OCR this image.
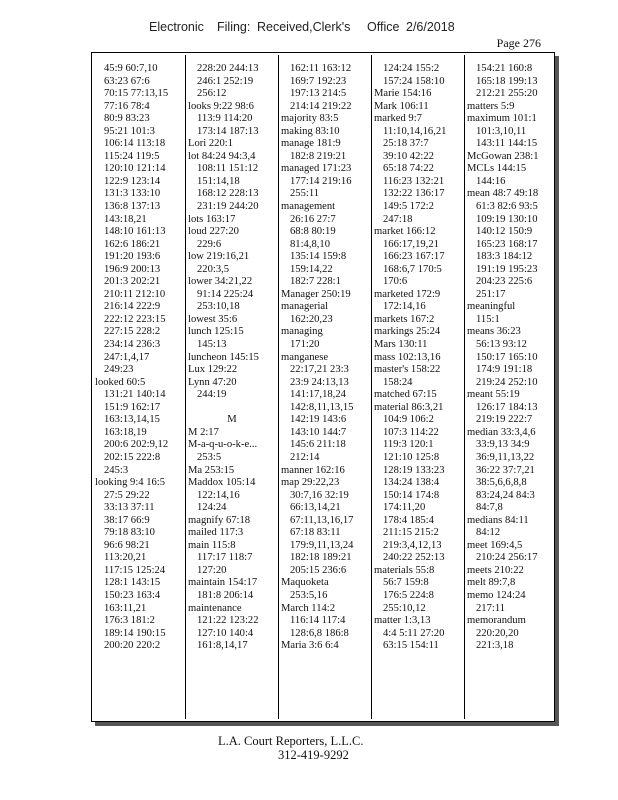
Electronic Filing: Received,Clerk's Office 2/6/2018
Page 276
45:9 60:7,10
63:23 67:6
70:15 77:13,15
77:16 78:4
80:9 83:23
95:21 101:3
106:14 113:18
115:24 119:5
120:10 121:14
122:9 123:14
131:3 133:10
136:8 137:13
143:18,21
148:10 161:13
162:6 186:21
191:20 193:6
196:9 200:13
201:3 202:21
210:11 212:10
216:14 222:9
222:12 223:15
227:15 228:2
234:14 236:3
247:1,4,17
249:23
looked 60:5
131:21 140:14
151:9 162:17
163:13,14,15
163:18,19
200:6 202:9,12
202:15 222:8
245:3
looking 9:4 16:5
27:5 29:22
33:13 37:11
38:17 66:9
79:18 83:10
96:6 98:21
113:20,21
117:15 125:24
128:1 143:15
150:23 163:4
163:11,21
176:3 181:2
189:14 190:15
200:20 220:2
228:20 244:13
246:1 252:19
256:12
looks 9:22 98:6
113:9 114:20
173:14 187:13
Lori 220:1
lot 84:24 94:3,4
108:11 151:12
151:14,18
168:12 228:13
231:19 244:20
lots 163:17
loud 227:20
229:6
low 219:16,21
220:3,5
lower 34:21,22
91:14 225:24
253:10,18
lowest 35:6
lunch 125:15
145:13
luncheon 145:15
Lux 129:22
Lynn 47:20
244:19
M
M 2:17
M-a-q-u-o-k-e...
253:5
Ma 253:15
Maddox 105:14
122:14,16
124:24
magnify 67:18
mailed 117:3
main 115:8
117:17 118:7
127:20
maintain 154:17
181:8 206:14
maintenance
121:22 123:22
127:10 140:4
161:8,14,17
162:11 163:12
169:7 192:23
197:13 214:5
214:14 219:22
majority 83:5
making 83:10
manage 181:9
182:8 219:21
managed 171:23
177:14 219:16
255:11
management
26:16 27:7
68:8 80:19
81:4,8,10
135:14 159:8
159:14,22
182:7 228:1
Manager 250:19
managerial
162:20,23
managing
171:20
manganese
22:17,21 23:3
23:9 24:13,13
141:17,18,24
142:8,11,13,15
142:19 143:6
143:10 144:7
145:6 211:18
212:14
manner 162:16
map 29:22,23
30:7,16 32:19
66:13,14,21
67:11,13,16,17
67:18 83:11
179:9,11,13,24
182:18 189:21
205:15 236:6
Maquoketa
253:5,16
March 114:2
116:14 117:4
128:6,8 186:8
Maria 3:6 6:4
124:24 155:2
157:24 158:10
Marie 154:16
Mark 106:11
marked 9:7
11:10,14,16,21
25:18 37:7
39:10 42:22
65:18 74:22
116:23 132:21
132:22 136:17
149:5 172:2
247:18
market 166:12
166:17,19,21
166:23 167:17
168:6,7 170:5
170:6
marketed 172:9
172:14,16
markets 167:2
markings 25:24
Mars 130:11
mass 102:13,16
master's 158:22
158:24
matched 67:15
material 86:3,21
104:9 106:2
107:3 114:22
119:3 120:1
121:10 125:8
128:19 133:23
134:24 138:4
150:14 174:8
174:11,20
178:4 185:4
211:15 215:2
219:3,4,12,13
240:22 252:13
materials 55:8
56:7 159:8
176:5 224:8
255:10,12
matter 1:3,13
4:4 5:11 27:20
63:15 154:11
154:21 160:8
165:18 199:13
212:21 255:20
matters 5:9
maximum 101:1
101:3,10,11
143:11 144:15
McGowan 238:1
MCLs 144:15
144:16
mean 48:7 49:18
61:3 82:6 93:5
109:19 130:10
140:12 150:9
165:23 168:17
183:3 184:12
191:19 195:23
204:23 225:6
251:17
meaningful
115:1
means 36:23
56:13 93:12
150:17 165:10
174:9 191:18
219:24 252:10
meant 55:19
126:17 184:13
219:19 222:7
median 33:3,4,6
33:9,13 34:9
36:9,11,13,22
36:22 37:7,21
38:5,6,6,8,8
83:24,24 84:3
84:7,8
medians 84:11
84:12
meet 169:4,5
210:24 256:17
meets 210:22
melt 89:7,8
memo 124:24
217:11
memorandum
220:20,20
221:3,18
L.A. Court Reporters, L.L.C.
312-419-9292
